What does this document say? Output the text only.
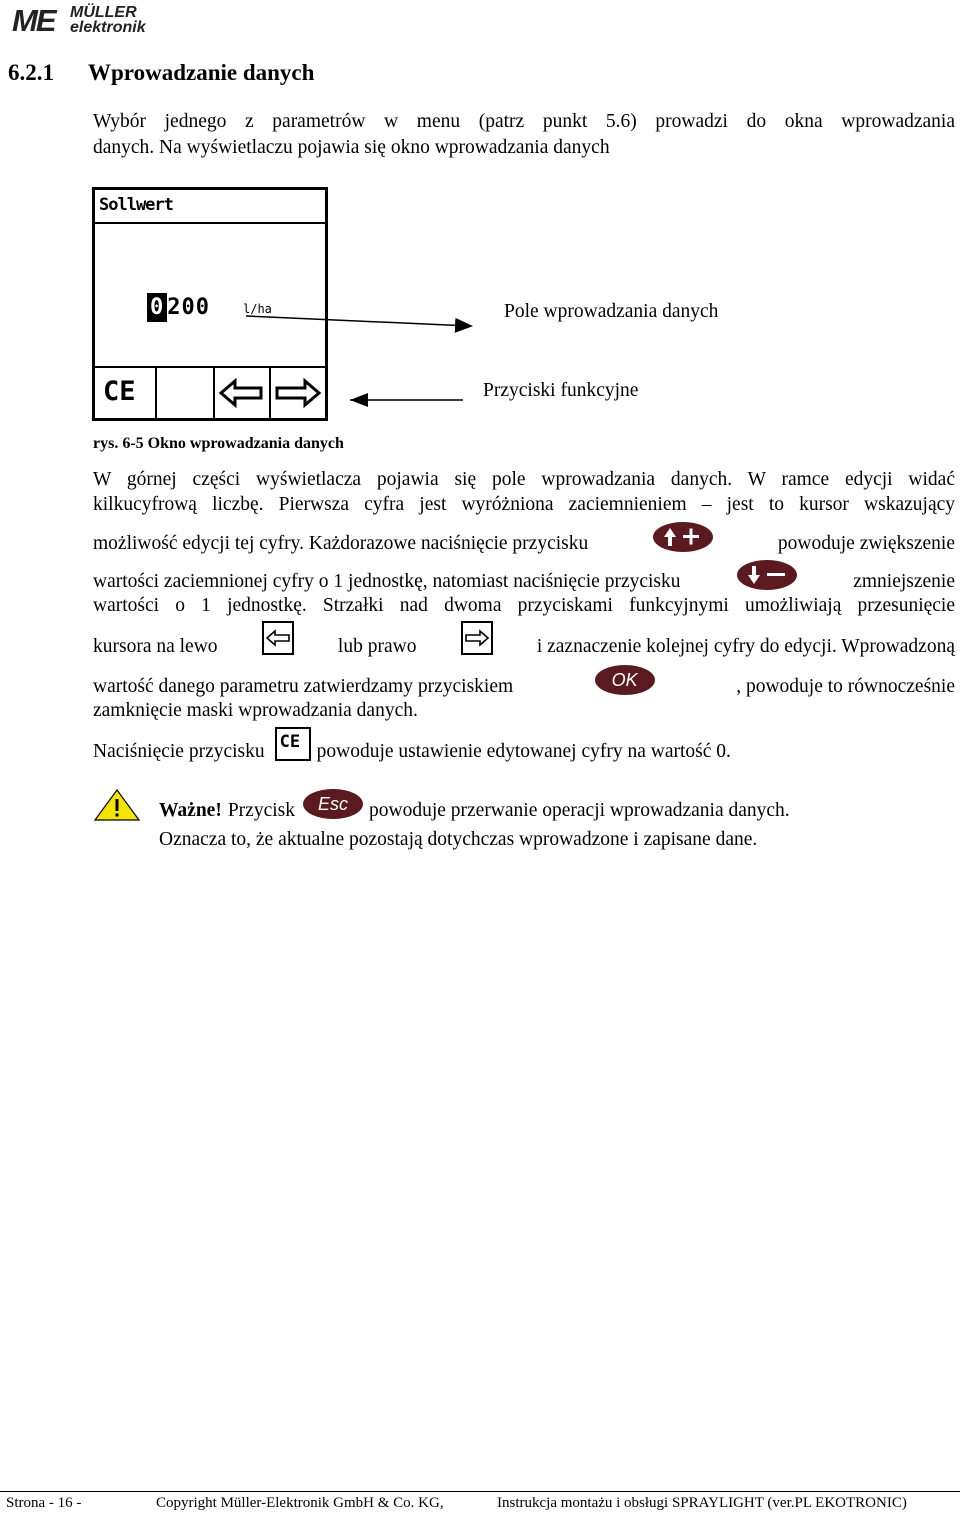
ME MÜLLER
elektronik
6.2.1 Wprowadzanie danych
Wybór jednego z parametrów w menu (patrz punkt 5.6) prowadzi do okna wprowadzania
danych. Na wyświetlaczu pojawia się okno wprowadzania danych
Sollwert
0 200	l/ha
CE
Pole wprowadzania danych
Przyciski funkcyjne
rys. 6-5 Okno wprowadzania danych
W górnej części wyświetlacza pojawia się pole wprowadzania danych. W ramce edycji widać
kilkucyfrową liczbę. Pierwsza cyfra jest wyróżniona zaciemnieniem – jest to kursor wskazujący
możliwość edycji tej cyfry. Każdorazowe naciśnięcie przycisku	powoduje zwiększenie
wartości zaciemnionej cyfry o 1 jednostkę, natomiast naciśnięcie przycisku	zmniejszenie
wartości o 1 jednostkę. Strzałki nad dwoma przyciskami funkcyjnymi umożliwiają przesunięcie
kursora na lewo	lub prawo	i zaznaczenie kolejnej cyfry do edycji. Wprowadzoną
wartość danego parametru zatwierdzamy przyciskiem	OK	, powoduje to równocześnie
zamknięcie maski wprowadzania danych.
Naciśnięcie przycisku CE powoduje ustawienie edytowanej cyfry na wartość 0.
Ważne! Przycisk	Esc	powoduje przerwanie operacji wprowadzania danych.
Oznacza to, że aktualne pozostają dotychczas wprowadzone i zapisane dane.
Strona - 16 -	Copyright Müller-Elektronik GmbH & Co. KG,	Instrukcja montażu i obsługi SPRAYLIGHT (ver.PL EKOTRONIC)
